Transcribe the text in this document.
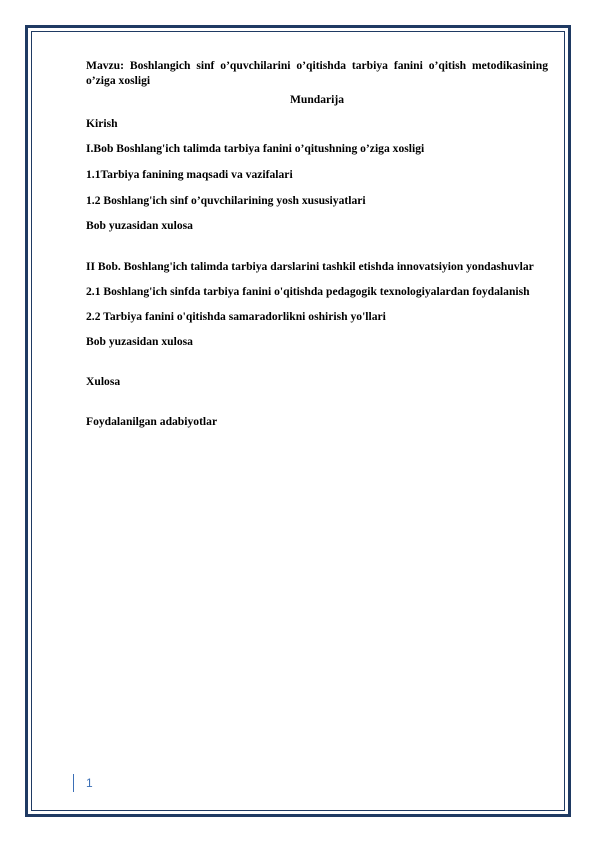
Mavzu: Boshlangich sinf o’quvchilarini o’qitishda tarbiya fanini o’qitish metodikasining o’ziga xosligi

Mundarija

Kirish

I.Bob Boshlang'ich talimda tarbiya fanini o’qitushning o’ziga xosligi

1.1Tarbiya fanining maqsadi va vazifalari

1.2 Boshlang'ich sinf o’quvchilarining yosh xususiyatlari

Bob yuzasidan xulosa

II Bob. Boshlang'ich talimda tarbiya darslarini tashkil etishda innovatsiyion yondashuvlar

2.1 Boshlang'ich sinfda tarbiya fanini o'qitishda pedagogik texnologiyalardan foydalanish

2.2 Tarbiya fanini o'qitishda samaradorlikni oshirish yo'llari

Bob yuzasidan xulosa

Xulosa

Foydalanilgan adabiyotlar

1
